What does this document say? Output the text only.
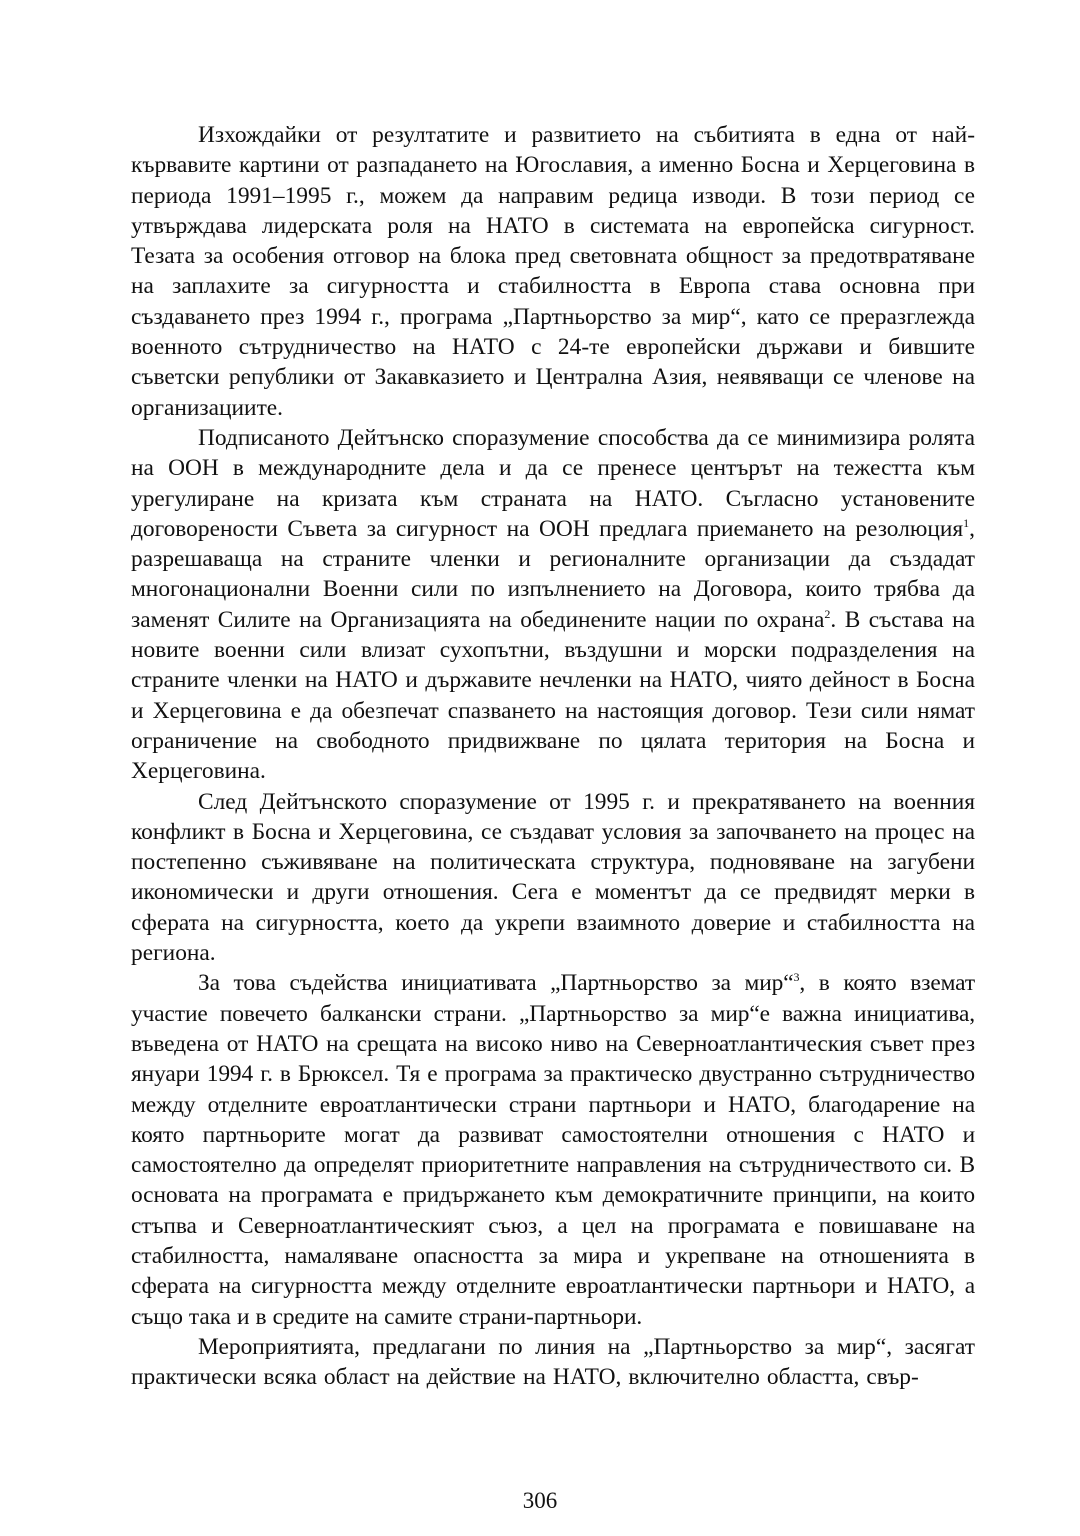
Изхождайки от резултатите и развитието на събитията в една от най-кървавите картини от разпадането на Югославия, а именно Босна и Херцеговина в периода 1991–1995 г., можем да направим редица изводи. В този период се утвърждава лидерската роля на НАТО в системата на европейска сигурност. Тезата за особения отговор на блока пред световната общност за предотвратяване на заплахите за сигурността и стабилността в Европа става основна при създаването през 1994 г., програма „Партньорство за мир“, като се преразглежда военното сътрудничество на НАТО с 24-те европейски държави и бившите съветски републики от Закавказието и Централна Азия, неявяващи се членове на организациите.

Подписаното Дейтънско споразумение способства да се минимизира ролята на ООН в международните дела и да се пренесе центърът на тежестта към урегулиране на кризата към страната на НАТО. Съгласно установените договорености Съвета за сигурност на ООН предлага приемането на резолюция$^1$, разрешаваща на страните членки и регионалните организации да създадат многонационални Военни сили по изпълнението на Договора, които трябва да заменят Силите на Организацията на обединените нации по охрана$^2$. В състава на новите военни сили влизат сухопътни, въздушни и морски подразделения на страните членки на НАТО и държавите нечленки на НАТО, чиято дейност в Босна и Херцеговина е да обезпечат спазването на настоящия договор. Тези сили нямат ограничение на свободното придвижване по цялата територия на Босна и Херцеговина.

След Дейтънското споразумение от 1995 г. и прекратяването на военния конфликт в Босна и Херцеговина, се създават условия за започването на процес на постепенно съживяване на политическата структура, подновяване на загубени икономически и други отношения. Сега е моментът да се предвидят мерки в сферата на сигурността, което да укрепи взаимното доверие и стабилността на региона.

За това съдейства инициативата „Партньорство за мир“$^3$, в която вземат участие повечето балкански страни. „Партньорство за мир“е важна инициатива, въведена от НАТО на срещата на високо ниво на Северноатлантическия съвет през януари 1994 г. в Брюксел. Тя е програма за практическо двустранно сътрудничество между отделните евроатлантически страни партньори и НАТО, благодарение на която партньорите могат да развиват самостоятелни отношения с НАТО и самостоятелно да определят приоритетните направления на сътрудничеството си. В основата на програмата е придържането към демократичните принципи, на които стъпва и Северноатлантическият съюз, а цел на програмата е повишаване на стабилността, намаляване опасността за мира и укрепване на отношенията в сферата на сигурността между отделните евроатлантически партньори и НАТО, а също така и в средите на самите страни-партньори.

Мероприятията, предлагани по линия на „Партньорство за мир“, засягат практически всяка област на действие на НАТО, включително областта, свър-

306
